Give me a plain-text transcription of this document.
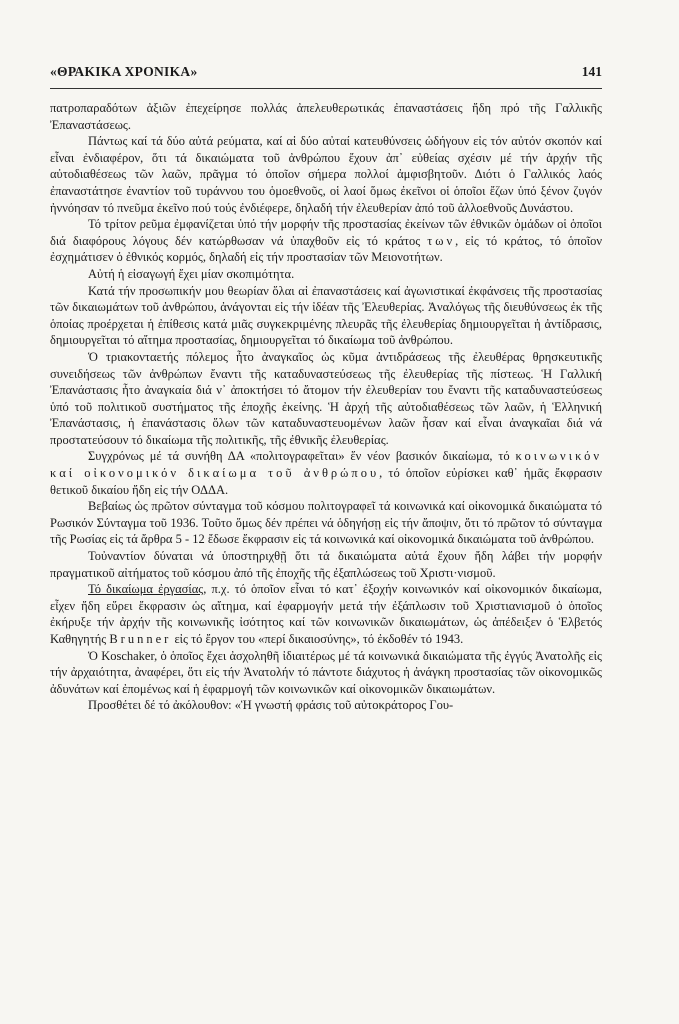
«ΘΡΑΚΙΚΑ ΧΡΟΝΙΚΑ»	141

πατροπαραδότων ἀξιῶν ἐπεχείρησε πολλάς ἀπελευθερωτικάς ἐπαναστάσεις ἤδη πρό τῆς Γαλλικῆς Ἐπαναστάσεως.

Πάντως καί τά δύο αὐτά ρεύματα, καί αἱ δύο αὐταί κατευθύνσεις ὡδήγουν εἰς τόν αὐτόν σκοπόν καί εἶναι ἐνδιαφέρον, ὅτι τά δικαιώματα τοῦ ἀνθρώπου ἔχουν ἀπ᾽ εὐθείας σχέσιν μέ τήν ἀρχήν τῆς αὐτοδιαθέσεως τῶν λαῶν, πρᾶγμα τό ὁποῖον σήμερα πολλοί ἀμφισβητοῦν. Διότι ὁ Γαλλικός λαός ἐπαναστάτησε ἐναντίον τοῦ τυράννου του ὁμοεθνοῦς, οἱ λαοί ὅμως ἐκεῖνοι οἱ ὁποῖοι ἔζων ὑπό ξένον ζυγόν ἠννόησαν τό πνεῦμα ἐκεῖνο πού τούς ἐνδιέφερε, δηλαδή τήν ἐλευθερίαν ἀπό τοῦ ἀλλοεθνοῦς Δυνάστου.

Τό τρίτον ρεῦμα ἐμφανίζεται ὑπό τήν μορφήν τῆς προστασίας ἐκείνων τῶν ἐθνικῶν ὁμάδων οἱ ὁποῖοι διά διαφόρους λόγους δέν κατώρθωσαν νά ὑπαχθοῦν εἰς τό κράτος των, εἰς τό κράτος, τό ὁποῖον ἐσχημάτισεν ὁ ἐθνικός κορμός, δηλαδή εἰς τήν προστασίαν τῶν Μειονοτήτων.

Αὐτή ἡ εἰσαγωγή ἔχει μίαν σκοπιμότητα.

Κατά τήν προσωπικήν μου θεωρίαν ὅλαι αἱ ἐπαναστάσεις καί ἀγωνιστικαί ἐκφάνσεις τῆς προστασίας τῶν δικαιωμάτων τοῦ ἀνθρώπου, ἀνάγονται εἰς τήν ἰδέαν τῆς Ἐλευθερίας. Ἀναλόγως τῆς διευθύνσεως ἐκ τῆς ὁποίας προέρχεται ἡ ἐπίθεσις κατά μιᾶς συγκεκριμένης πλευρᾶς τῆς ἐλευθερίας δημιουργεῖται ἡ ἀντίδρασις, δημιουργεῖται τό αἴτημα προστασίας, δημιουργεῖται τό δικαίωμα τοῦ ἀνθρώπου.

Ὁ τριακονταετής πόλεμος ἦτο ἀναγκαῖος ὡς κῦμα ἀντιδράσεως τῆς ἐλευθέρας θρησκευτικῆς συνειδήσεως τῶν ἀνθρώπων ἔναντι τῆς καταδυναστεύσεως τῆς ἐλευθερίας τῆς πίστεως. Ἡ Γαλλική Ἐπανάστασις ἦτο ἀναγκαία διά ν᾽ ἀποκτήσει τό ἄτομον τήν ἐλευθερίαν του ἔναντι τῆς καταδυναστεύσεως ὑπό τοῦ πολιτικοῦ συστήματος τῆς ἐποχῆς ἐκείνης. Ἡ ἀρχή τῆς αὐτοδιαθέσεως τῶν λαῶν, ἡ Ἑλληνική Ἐπανάστασις, ἡ ἐπανάστασις ὅλων τῶν καταδυναστευομένων λαῶν ἦσαν καί εἶναι ἀναγκαῖαι διά νά προστατεύσουν τό δικαίωμα τῆς πολιτικῆς, τῆς ἐθνικῆς ἐλευθερίας.

Συγχρόνως μέ τά συνήθη ΔΑ «πολιτογραφεῖται» ἕν νέον βασικόν δικαίωμα, τό κοινωνικόν καί οἰκονομικόν δικαίωμα τοῦ ἀνθρώπου, τό ὁποῖον εὑρίσκει καθ᾽ ἡμᾶς ἔκφρασιν θετικοῦ δικαίου ἤδη εἰς τήν ΟΔΔΑ.

Βεβαίως ὡς πρῶτον σύνταγμα τοῦ κόσμου πολιτογραφεῖ τά κοινωνικά καί οἰκονομικά δικαιώματα τό Ρωσικόν Σύνταγμα τοῦ 1936. Τοῦτο ὅμως δέν πρέπει νά ὁδηγήσῃ εἰς τήν ἄποψιν, ὅτι τό πρῶτον τό σύνταγμα τῆς Ρωσίας εἰς τά ἄρθρα 5 - 12 ἔδωσε ἔκφρασιν εἰς τά κοινωνικά καί οἰκονομικά δικαιώματα τοῦ ἀνθρώπου.

Τοὐναντίον δύναται νά ὑποστηριχθῇ ὅτι τά δικαιώματα αὐτά ἔχουν ἤδη λάβει τήν μορφήν πραγματικοῦ αἰτήματος τοῦ κόσμου ἀπό τῆς ἐποχῆς τῆς ἐξαπλώσεως τοῦ Χριστι·νισμοῦ.

Τό δικαίωμα ἐργασίας, π.χ. τό ὁποῖον εἶναι τό κατ᾽ ἐξοχήν κοινωνικόν καί οἰκονομικόν δικαίωμα, εἶχεν ἤδη εὕρει ἔκφρασιν ὡς αἴτημα, καί ἐφαρμογήν μετά τήν ἐξάπλωσιν τοῦ Χριστιανισμοῦ ὁ ὁποῖος ἐκήρυξε τήν ἀρχήν τῆς κοινωνικῆς ἰσότητος καί τῶν κοινωνικῶν δικαιωμάτων, ὡς ἀπέδειξεν ὁ Ἑλβετός Καθηγητής Brunner εἰς τό ἔργον του «περί δικαιοσύνης», τό ἐκδοθέν τό 1943.

Ὁ Koschaker, ὁ ὁποῖος ἔχει ἀσχοληθῆ ἰδιαιτέρως μέ τά κοινωνικά δικαιώματα τῆς ἐγγύς Ἀνατολῆς εἰς τήν ἀρχαιότητα, ἀναφέρει, ὅτι εἰς τήν Ἀνατολήν τό πάντοτε διάχυτος ἡ ἀνάγκη προστασίας τῶν οἰκονομικῶς ἀδυνάτων καί ἐπομένως καί ἡ ἐφαρμογή τῶν κοινωνικῶν καί οἰκονομικῶν δικαιωμάτων.

Προσθέτει δέ τό ἀκόλουθον: «Ἡ γνωστή φράσις τοῦ αὐτοκράτορος Γου-
